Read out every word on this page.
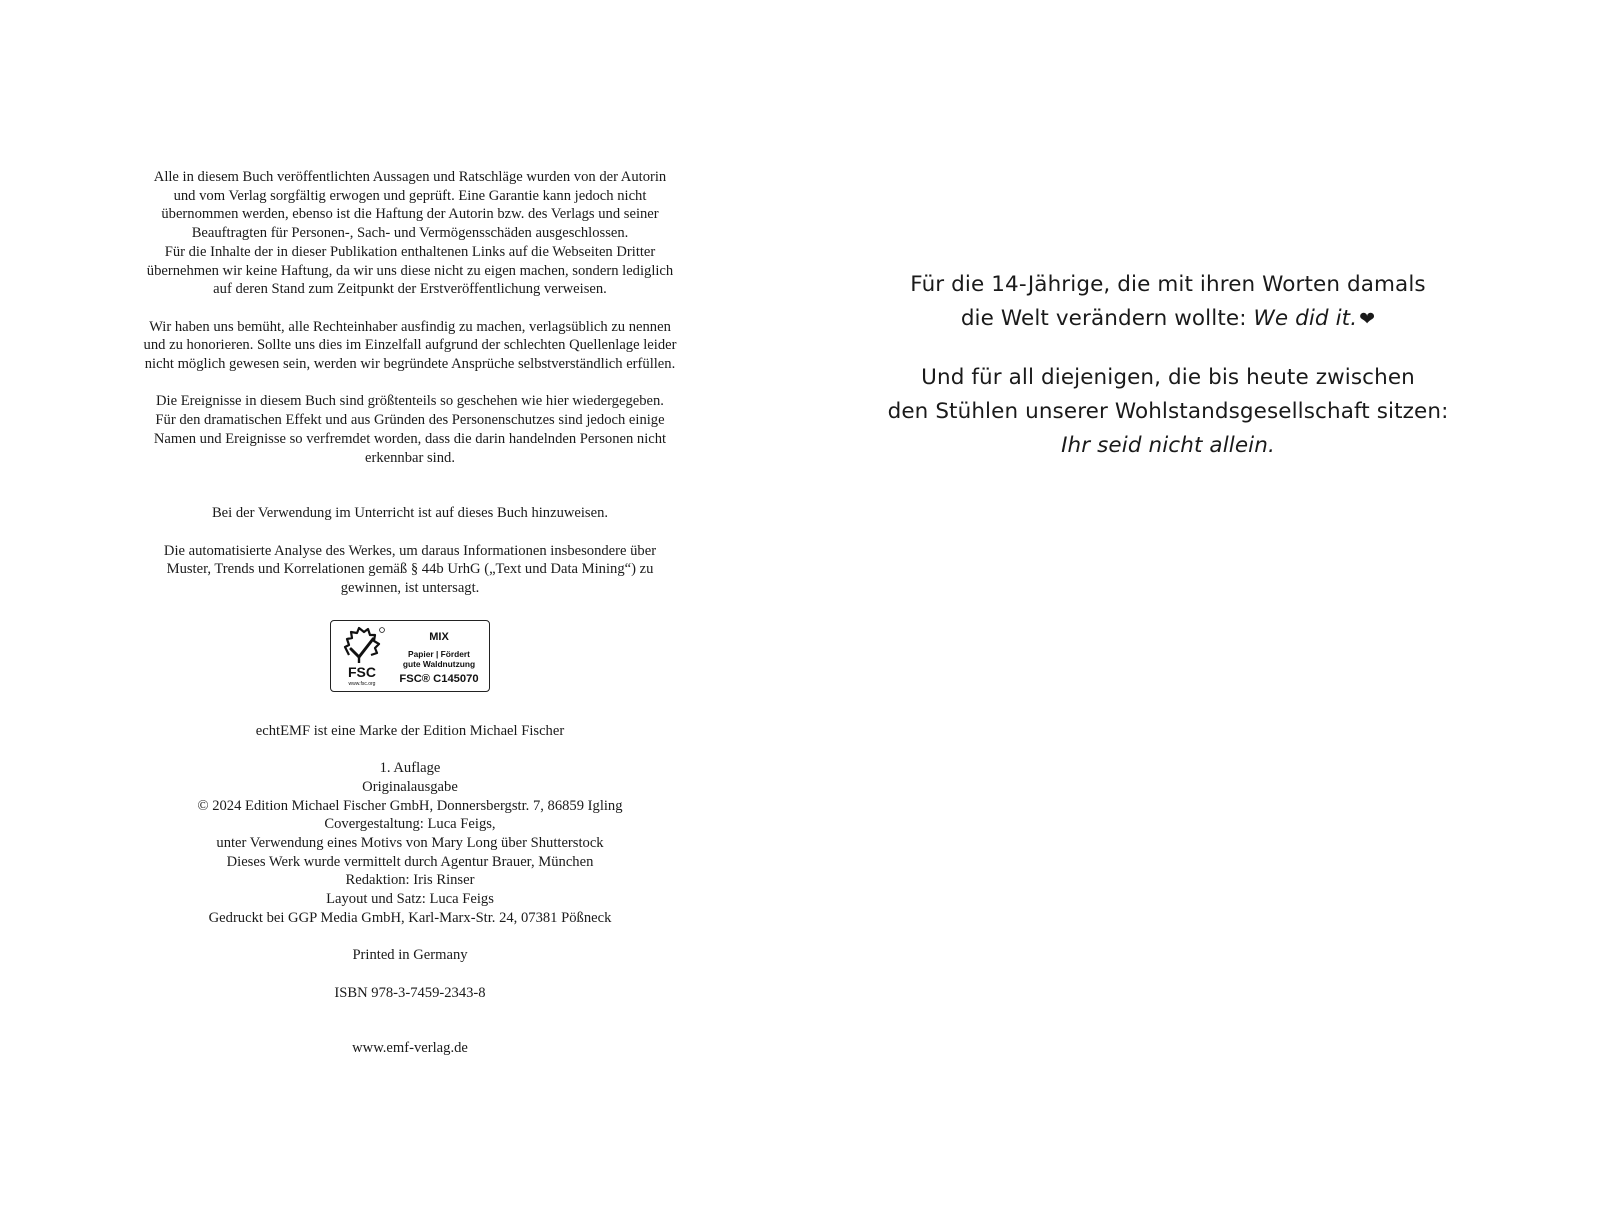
Alle in diesem Buch veröffentlichten Aussagen und Ratschläge wurden von der Autorin
und vom Verlag sorgfältig erwogen und geprüft. Eine Garantie kann jedoch nicht
übernommen werden, ebenso ist die Haftung der Autorin bzw. des Verlags und seiner
Beauftragten für Personen-, Sach- und Vermögensschäden ausgeschlossen.
Für die Inhalte der in dieser Publikation enthaltenen Links auf die Webseiten Dritter
übernehmen wir keine Haftung, da wir uns diese nicht zu eigen machen, sondern lediglich
auf deren Stand zum Zeitpunkt der Erstveröffentlichung verweisen.

Wir haben uns bemüht, alle Rechteinhaber ausfindig zu machen, verlagsüblich zu nennen
und zu honorieren. Sollte uns dies im Einzelfall aufgrund der schlechten Quellenlage leider
nicht möglich gewesen sein, werden wir begründete Ansprüche selbstverständlich erfüllen.

Die Ereignisse in diesem Buch sind größtenteils so geschehen wie hier wiedergegeben.
Für den dramatischen Effekt und aus Gründen des Personenschutzes sind jedoch einige
Namen und Ereignisse so verfremdet worden, dass die darin handelnden Personen nicht
erkennbar sind.

Bei der Verwendung im Unterricht ist auf dieses Buch hinzuweisen.

Die automatisierte Analyse des Werkes, um daraus Informationen insbesondere über
Muster, Trends und Korrelationen gemäß § 44b UrhG („Text und Data Mining“) zu
gewinnen, ist untersagt.

FSC
www.fsc.org
MIX
Papier | Fördert
gute Waldnutzung
FSC® C145070

echtEMF ist eine Marke der Edition Michael Fischer

1. Auflage
Originalausgabe
© 2024 Edition Michael Fischer GmbH, Donnersbergstr. 7, 86859 Igling
Covergestaltung: Luca Feigs,
unter Verwendung eines Motivs von Mary Long über Shutterstock
Dieses Werk wurde vermittelt durch Agentur Brauer, München
Redaktion: Iris Rinser
Layout und Satz: Luca Feigs
Gedruckt bei GGP Media GmbH, Karl-Marx-Str. 24, 07381 Pößneck

Printed in Germany

ISBN 978-3-7459-2343-8

www.emf-verlag.de

Für die 14-Jährige, die mit ihren Worten damals
die Welt verändern wollte: We did it. ❤

Und für all diejenigen, die bis heute zwischen
den Stühlen unserer Wohlstandsgesellschaft sitzen:
Ihr seid nicht allein.
